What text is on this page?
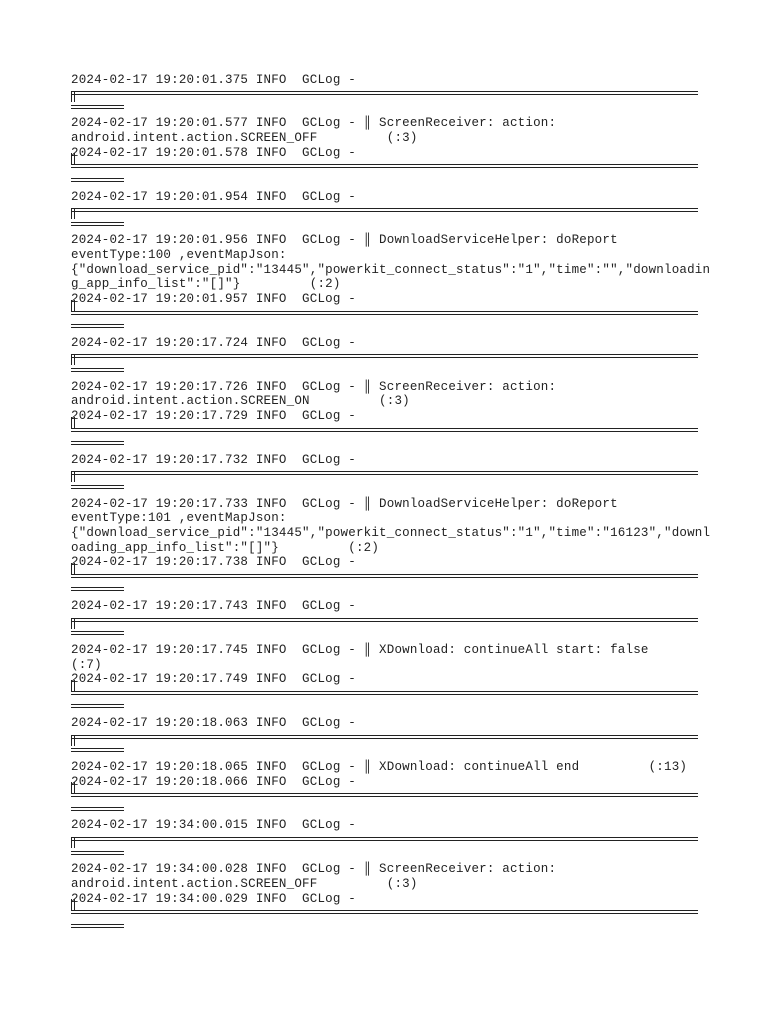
2024-02-17 19:20:01.375 INFO  GCLog -
2024-02-17 19:20:01.577 INFO  GCLog - ║ ScreenReceiver: action:
android.intent.action.SCREEN_OFF         (:3)
2024-02-17 19:20:01.578 INFO  GCLog -
2024-02-17 19:20:01.954 INFO  GCLog -
2024-02-17 19:20:01.956 INFO  GCLog - ║ DownloadServiceHelper: doReport
eventType:100 ,eventMapJson:
{"download_service_pid":"13445","powerkit_connect_status":"1","time":"","downloadin
g_app_info_list":"[]"}         (:2)
2024-02-17 19:20:01.957 INFO  GCLog -
2024-02-17 19:20:17.724 INFO  GCLog -
2024-02-17 19:20:17.726 INFO  GCLog - ║ ScreenReceiver: action:
android.intent.action.SCREEN_ON         (:3)
2024-02-17 19:20:17.729 INFO  GCLog -
2024-02-17 19:20:17.732 INFO  GCLog -
2024-02-17 19:20:17.733 INFO  GCLog - ║ DownloadServiceHelper: doReport
eventType:101 ,eventMapJson:
{"download_service_pid":"13445","powerkit_connect_status":"1","time":"16123","downl
oading_app_info_list":"[]"}         (:2)
2024-02-17 19:20:17.738 INFO  GCLog -
2024-02-17 19:20:17.743 INFO  GCLog -
2024-02-17 19:20:17.745 INFO  GCLog - ║ XDownload: continueAll start: false
(:7)
2024-02-17 19:20:17.749 INFO  GCLog -
2024-02-17 19:20:18.063 INFO  GCLog -
2024-02-17 19:20:18.065 INFO  GCLog - ║ XDownload: continueAll end         (:13)
2024-02-17 19:20:18.066 INFO  GCLog -
2024-02-17 19:34:00.015 INFO  GCLog -
2024-02-17 19:34:00.028 INFO  GCLog - ║ ScreenReceiver: action:
android.intent.action.SCREEN_OFF         (:3)
2024-02-17 19:34:00.029 INFO  GCLog -
